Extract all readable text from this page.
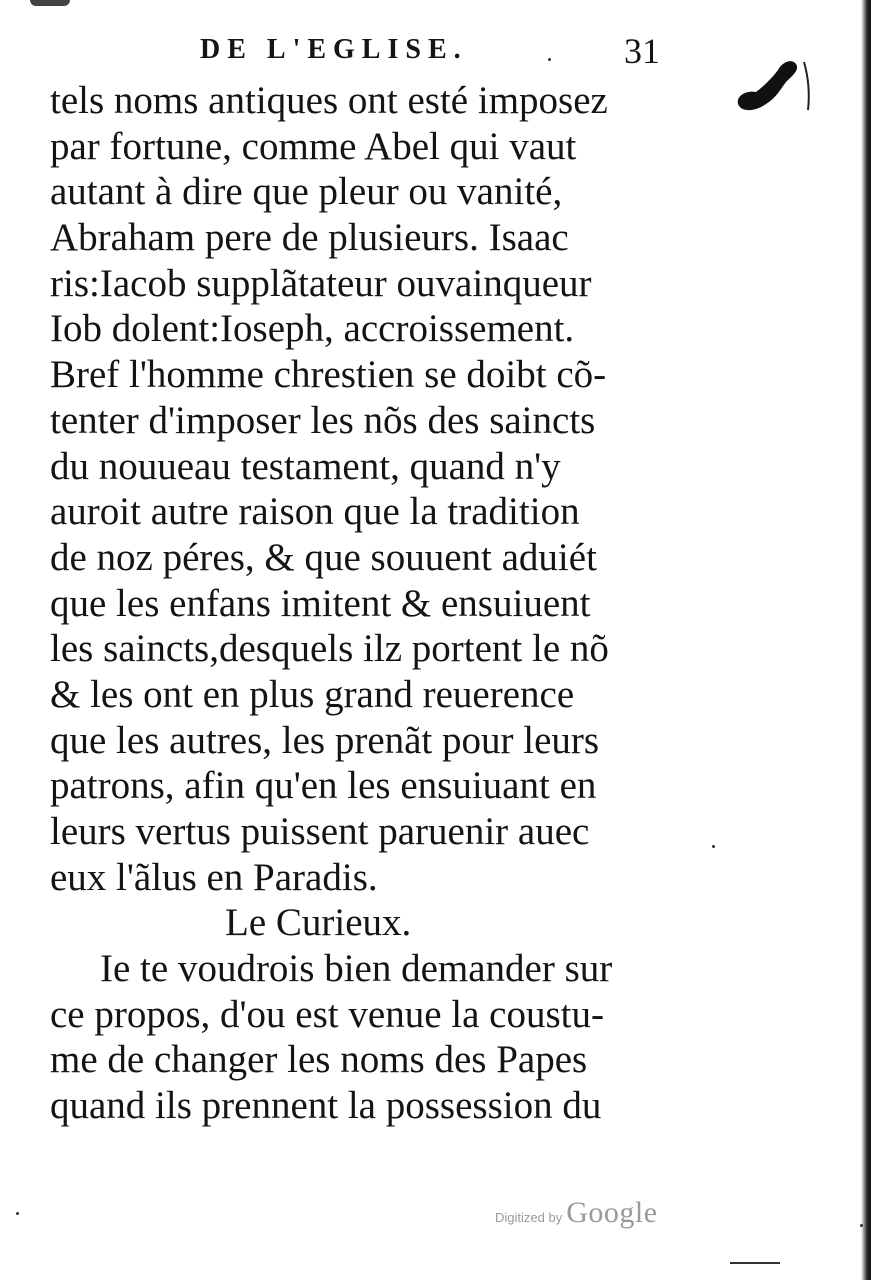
DE L'EGLISE.	31
tels noms antiques ont esté imposez
par fortune, comme Abel qui vaut
autant à dire que pleur ou vanité,
Abraham pere de plusieurs. Isaac
ris:Iacob supplãtateur ouvainqueur
Iob dolent:Ioseph, accroissement.
Bref l'homme chrestien se doibt cõ-
tenter d'imposer les nõs des saincts
du nouueau testament, quand n'y
auroit autre raison que la tradition
de noz péres, & que souuent aduiét
que les enfans imitent & ensuiuent
les saincts,desquels ilz portent le nõ
& les ont en plus grand reuerence
que les autres, les prenãt pour leurs
patrons, afin qu'en les ensuiuant en
leurs vertus puissent paruenir auec
eux l'ãlus en Paradis.
Le Curieux.
Ie te voudrois bien demander sur
ce propos, d'ou est venue la coustu-
me de changer les noms des Papes
quand ils prennent la possession du
Digitized by Google
